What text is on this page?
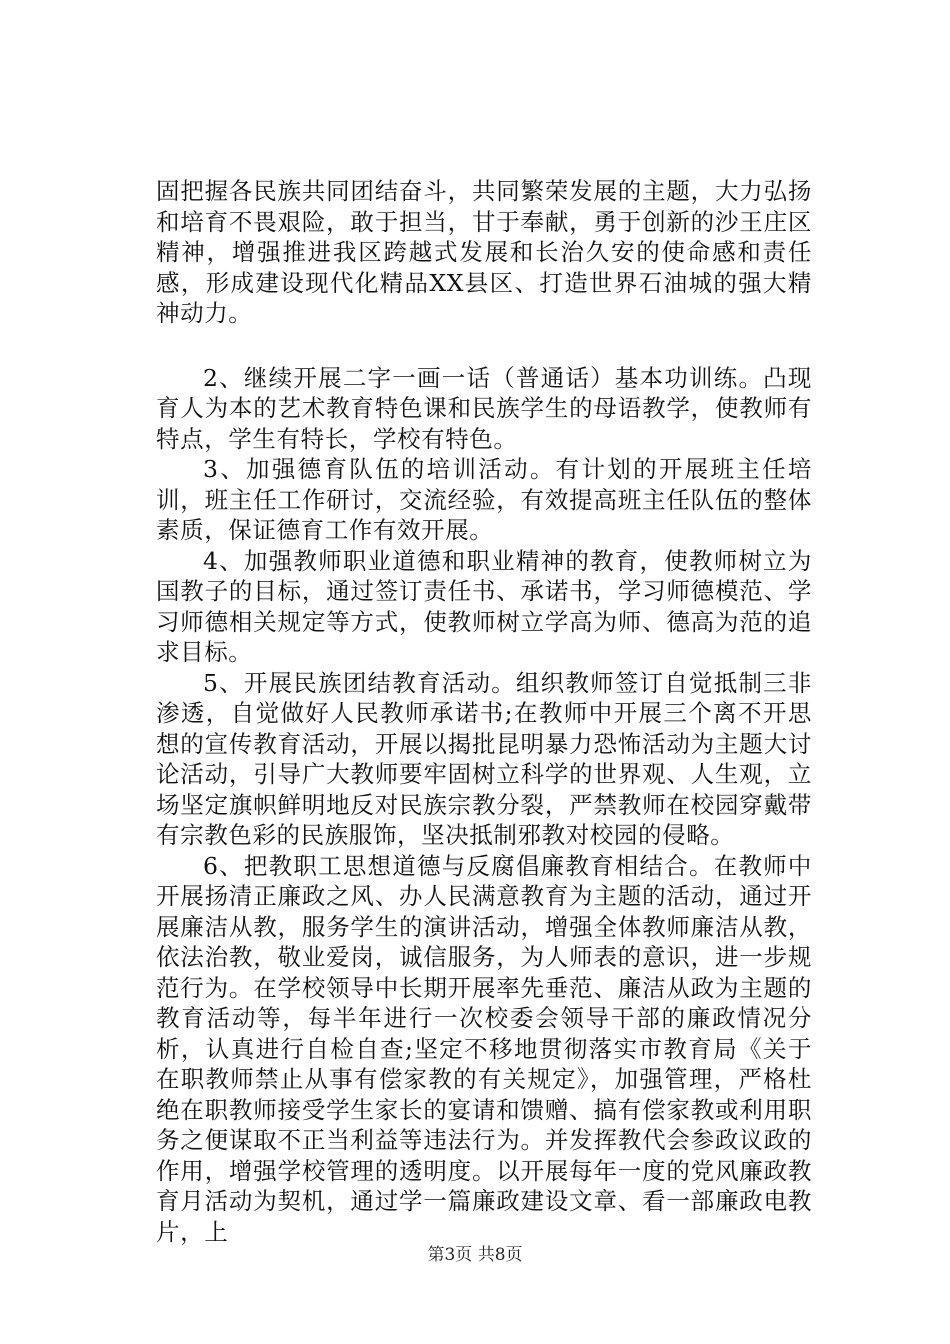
固把握各民族共同团结奋斗，共同繁荣发展的主题，大力弘扬和培育不畏艰险，敢于担当，甘于奉献，勇于创新的沙王庄区精神，增强推进我区跨越式发展和长治久安的使命感和责任感，形成建设现代化精品XX县区、打造世界石油城的强大精神动力。

2、继续开展二字一画一话（普通话）基本功训练。凸现育人为本的艺术教育特色课和民族学生的母语教学，使教师有特点，学生有特长，学校有特色。

3、加强德育队伍的培训活动。有计划的开展班主任培训，班主任工作研讨，交流经验，有效提高班主任队伍的整体素质，保证德育工作有效开展。

4、加强教师职业道德和职业精神的教育，使教师树立为国教子的目标，通过签订责任书、承诺书，学习师德模范、学习师德相关规定等方式，使教师树立学高为师、德高为范的追求目标。

5、开展民族团结教育活动。组织教师签订自觉抵制三非渗透，自觉做好人民教师承诺书;在教师中开展三个离不开思想的宣传教育活动，开展以揭批昆明暴力恐怖活动为主题大讨论活动，引导广大教师要牢固树立科学的世界观、人生观，立场坚定旗帜鲜明地反对民族宗教分裂，严禁教师在校园穿戴带有宗教色彩的民族服饰，坚决抵制邪教对校园的侵略。

6、把教职工思想道德与反腐倡廉教育相结合。在教师中开展扬清正廉政之风、办人民满意教育为主题的活动，通过开展廉洁从教，服务学生的演讲活动，增强全体教师廉洁从教，依法治教，敬业爱岗，诚信服务，为人师表的意识，进一步规范行为。在学校领导中长期开展率先垂范、廉洁从政为主题的教育活动等，每半年进行一次校委会领导干部的廉政情况分析，认真进行自检自查;坚定不移地贯彻落实市教育局《关于在职教师禁止从事有偿家教的有关规定》，加强管理，严格杜绝在职教师接受学生家长的宴请和馈赠、搞有偿家教或利用职务之便谋取不正当利益等违法行为。并发挥教代会参政议政的作用，增强学校管理的透明度。以开展每年一度的党风廉政教育月活动为契机，通过学一篇廉政建设文章、看一部廉政电教片，上

第3页 共8页
